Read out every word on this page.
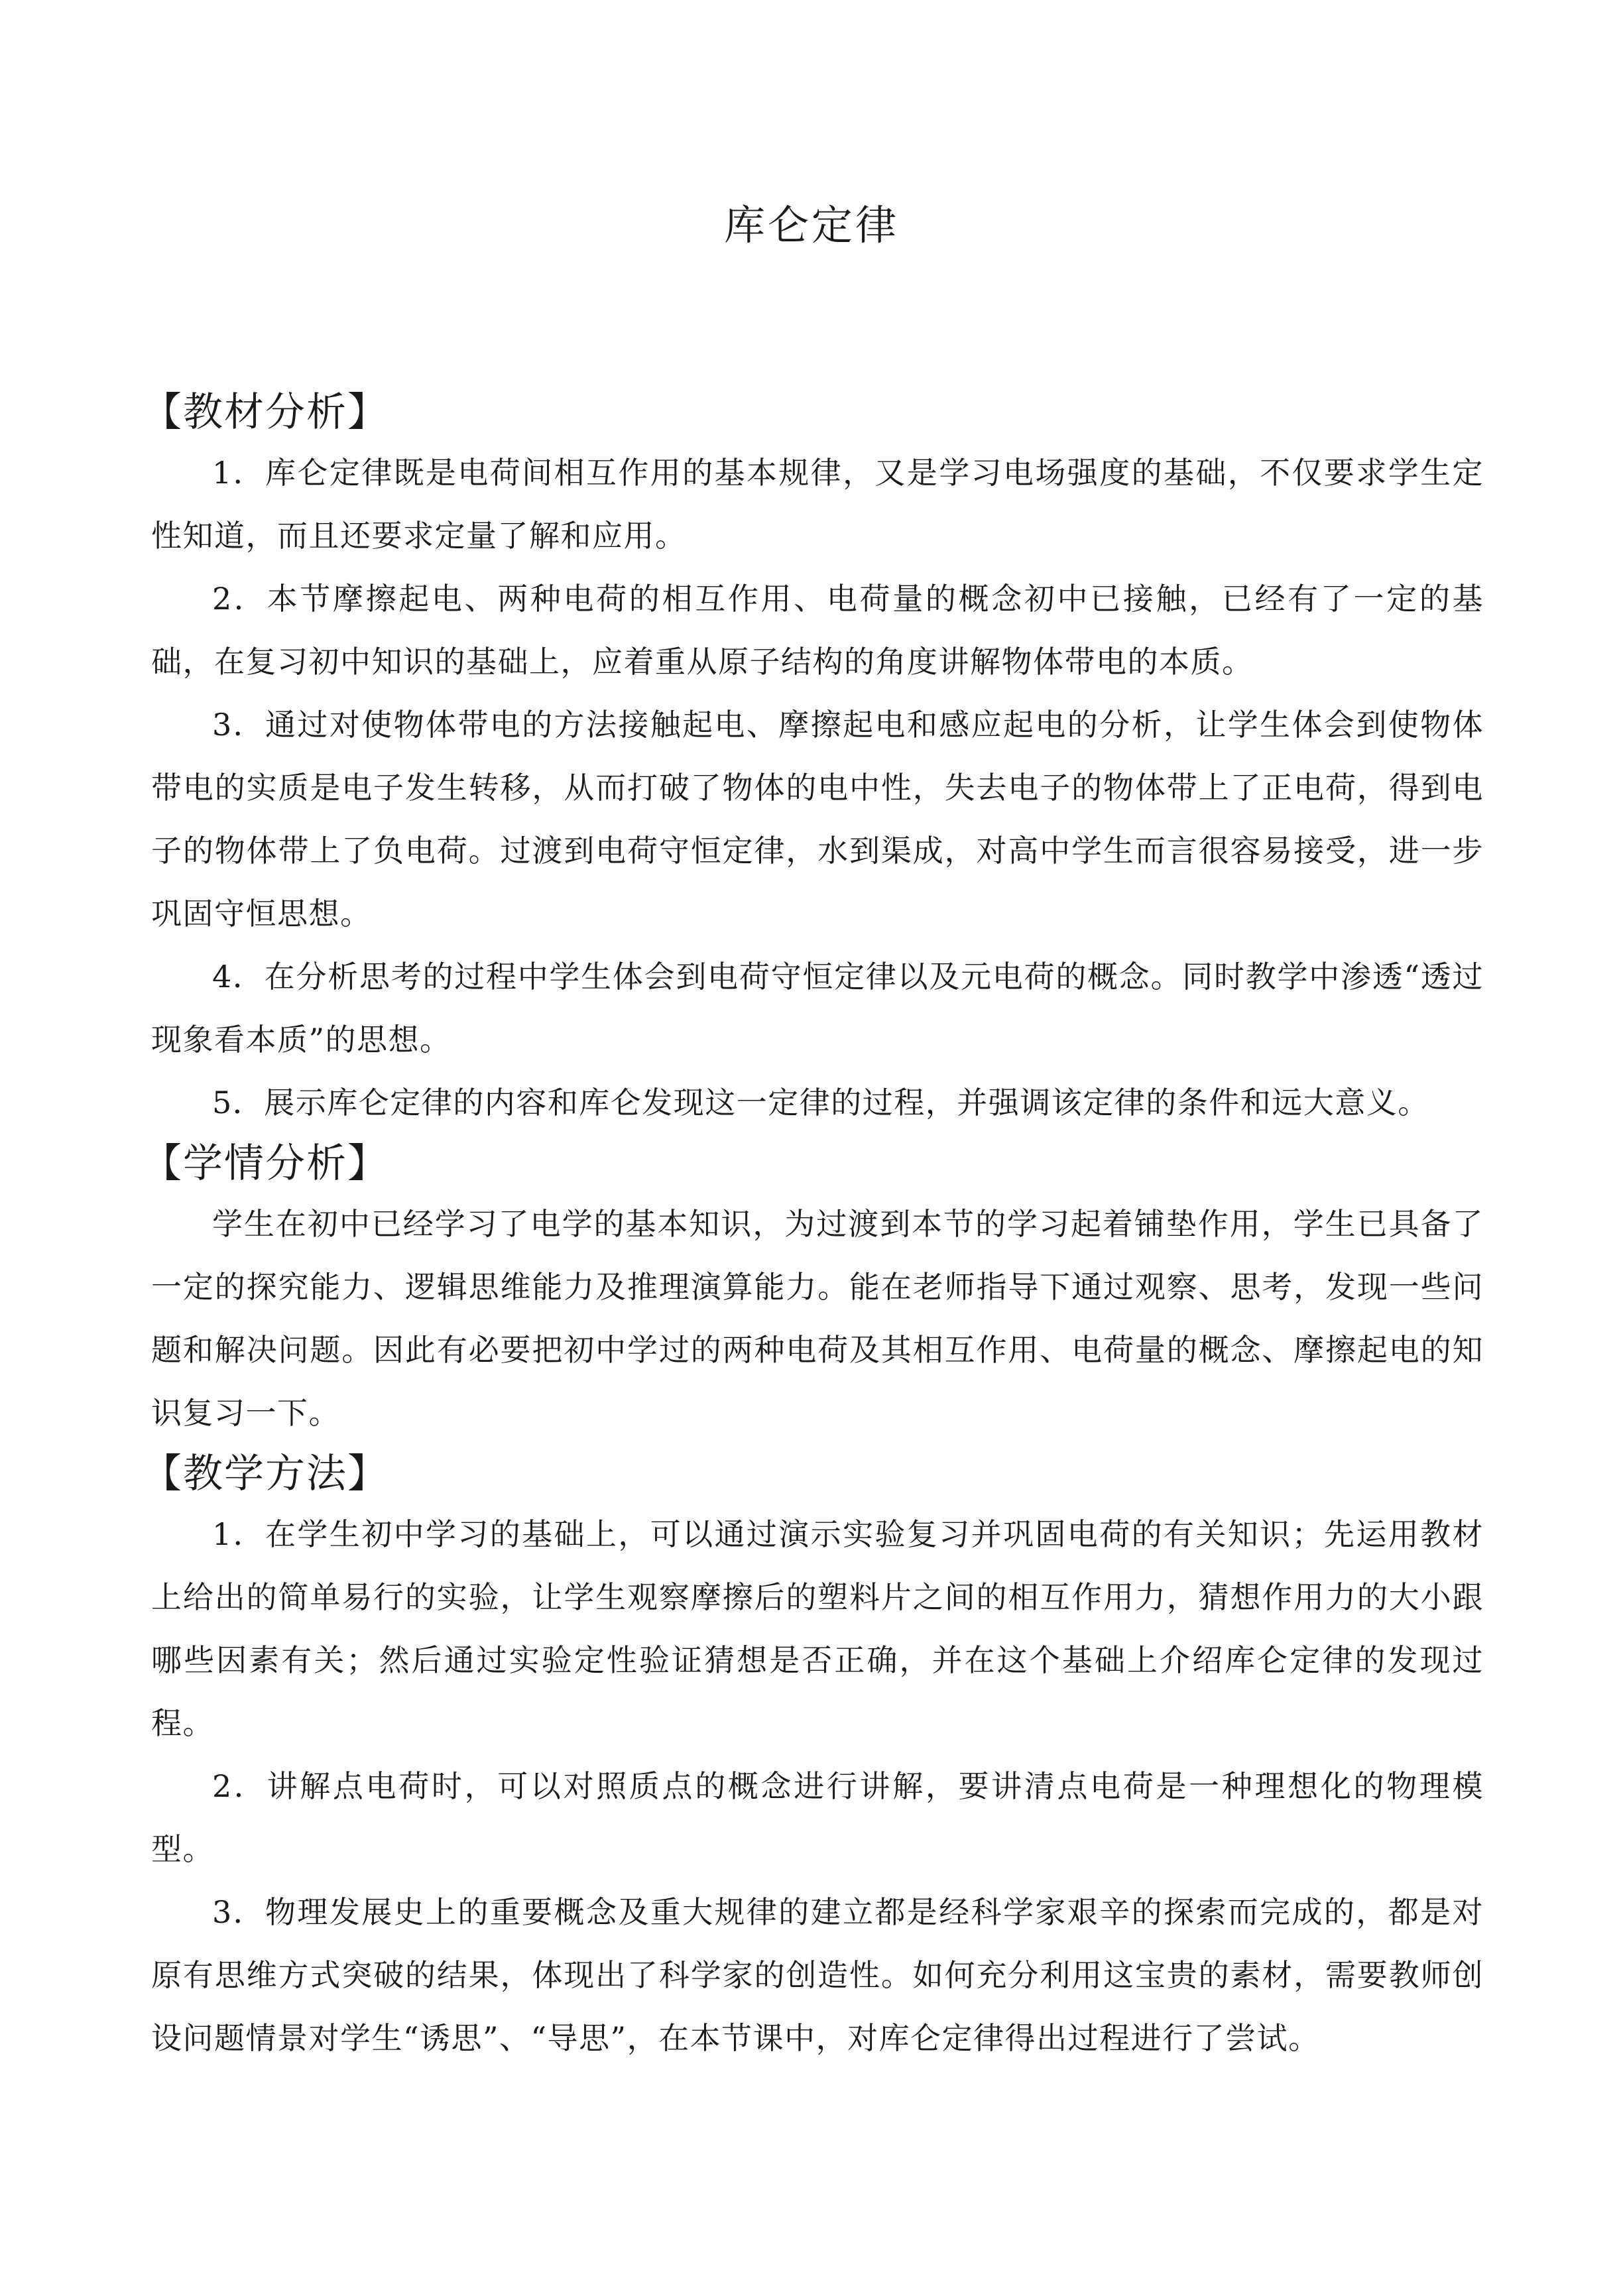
库仑定律
【教材分析】

1．库仑定律既是电荷间相互作用的基本规律，又是学习电场强度的基础，不仅要求学生定性知道，而且还要求定量了解和应用。

2．本节摩擦起电、两种电荷的相互作用、电荷量的概念初中已接触，已经有了一定的基础，在复习初中知识的基础上，应着重从原子结构的角度讲解物体带电的本质。

3．通过对使物体带电的方法接触起电、摩擦起电和感应起电的分析，让学生体会到使物体带电的实质是电子发生转移，从而打破了物体的电中性，失去电子的物体带上了正电荷，得到电子的物体带上了负电荷。过渡到电荷守恒定律，水到渠成，对高中学生而言很容易接受，进一步巩固守恒思想。

4．在分析思考的过程中学生体会到电荷守恒定律以及元电荷的概念。同时教学中渗透“透过现象看本质”的思想。

5．展示库仑定律的内容和库仑发现这一定律的过程，并强调该定律的条件和远大意义。

【学情分析】

学生在初中已经学习了电学的基本知识，为过渡到本节的学习起着铺垫作用，学生已具备了一定的探究能力、逻辑思维能力及推理演算能力。能在老师指导下通过观察、思考，发现一些问题和解决问题。因此有必要把初中学过的两种电荷及其相互作用、电荷量的概念、摩擦起电的知识复习一下。

【教学方法】

1．在学生初中学习的基础上，可以通过演示实验复习并巩固电荷的有关知识；先运用教材上给出的简单易行的实验，让学生观察摩擦后的塑料片之间的相互作用力，猜想作用力的大小跟哪些因素有关；然后通过实验定性验证猜想是否正确，并在这个基础上介绍库仑定律的发现过程。

2．讲解点电荷时，可以对照质点的概念进行讲解，要讲清点电荷是一种理想化的物理模型。

3．物理发展史上的重要概念及重大规律的建立都是经科学家艰辛的探索而完成的，都是对原有思维方式突破的结果，体现出了科学家的创造性。如何充分利用这宝贵的素材，需要教师创设问题情景对学生“诱思”、“导思”，在本节课中，对库仑定律得出过程进行了尝试。
